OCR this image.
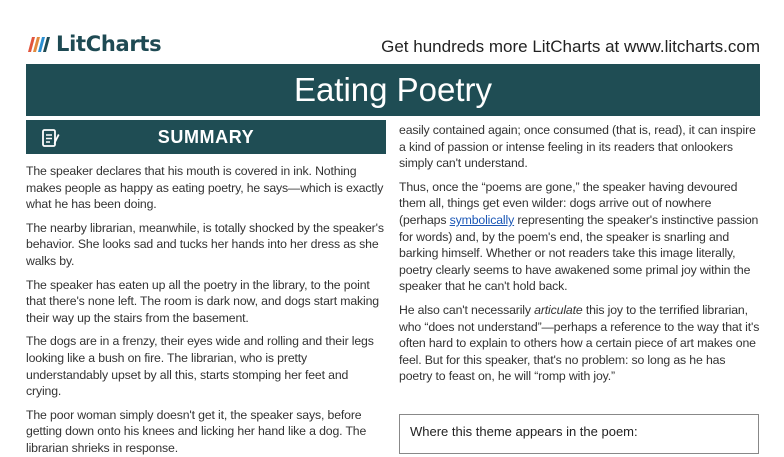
LitCharts	Get hundreds more LitCharts at www.litcharts.com
Eating Poetry
SUMMARY

The speaker declares that his mouth is covered in ink. Nothing makes people as happy as eating poetry, he says—which is exactly what he has been doing.

The nearby librarian, meanwhile, is totally shocked by the speaker's behavior. She looks sad and tucks her hands into her dress as she walks by.

The speaker has eaten up all the poetry in the library, to the point that there's none left. The room is dark now, and dogs start making their way up the stairs from the basement.

The dogs are in a frenzy, their eyes wide and rolling and their legs looking like a bush on fire. The librarian, who is pretty understandably upset by all this, starts stomping her feet and crying.

The poor woman simply doesn't get it, the speaker says, before getting down onto his knees and licking her hand like a dog. The librarian shrieks in response.

easily contained again; once consumed (that is, read), it can inspire a kind of passion or intense feeling in its readers that onlookers simply can't understand.

Thus, once the “poems are gone,” the speaker having devoured them all, things get even wilder: dogs arrive out of nowhere (perhaps symbolically representing the speaker's instinctive passion for words) and, by the poem's end, the speaker is snarling and barking himself. Whether or not readers take this image literally, poetry clearly seems to have awakened some primal joy within the speaker that he can't hold back.

He also can't necessarily articulate this joy to the terrified librarian, who “does not understand”—perhaps a reference to the way that it's often hard to explain to others how a certain piece of art makes one feel. But for this speaker, that's no problem: so long as he has poetry to feast on, he will “romp with joy.”

Where this theme appears in the poem:
